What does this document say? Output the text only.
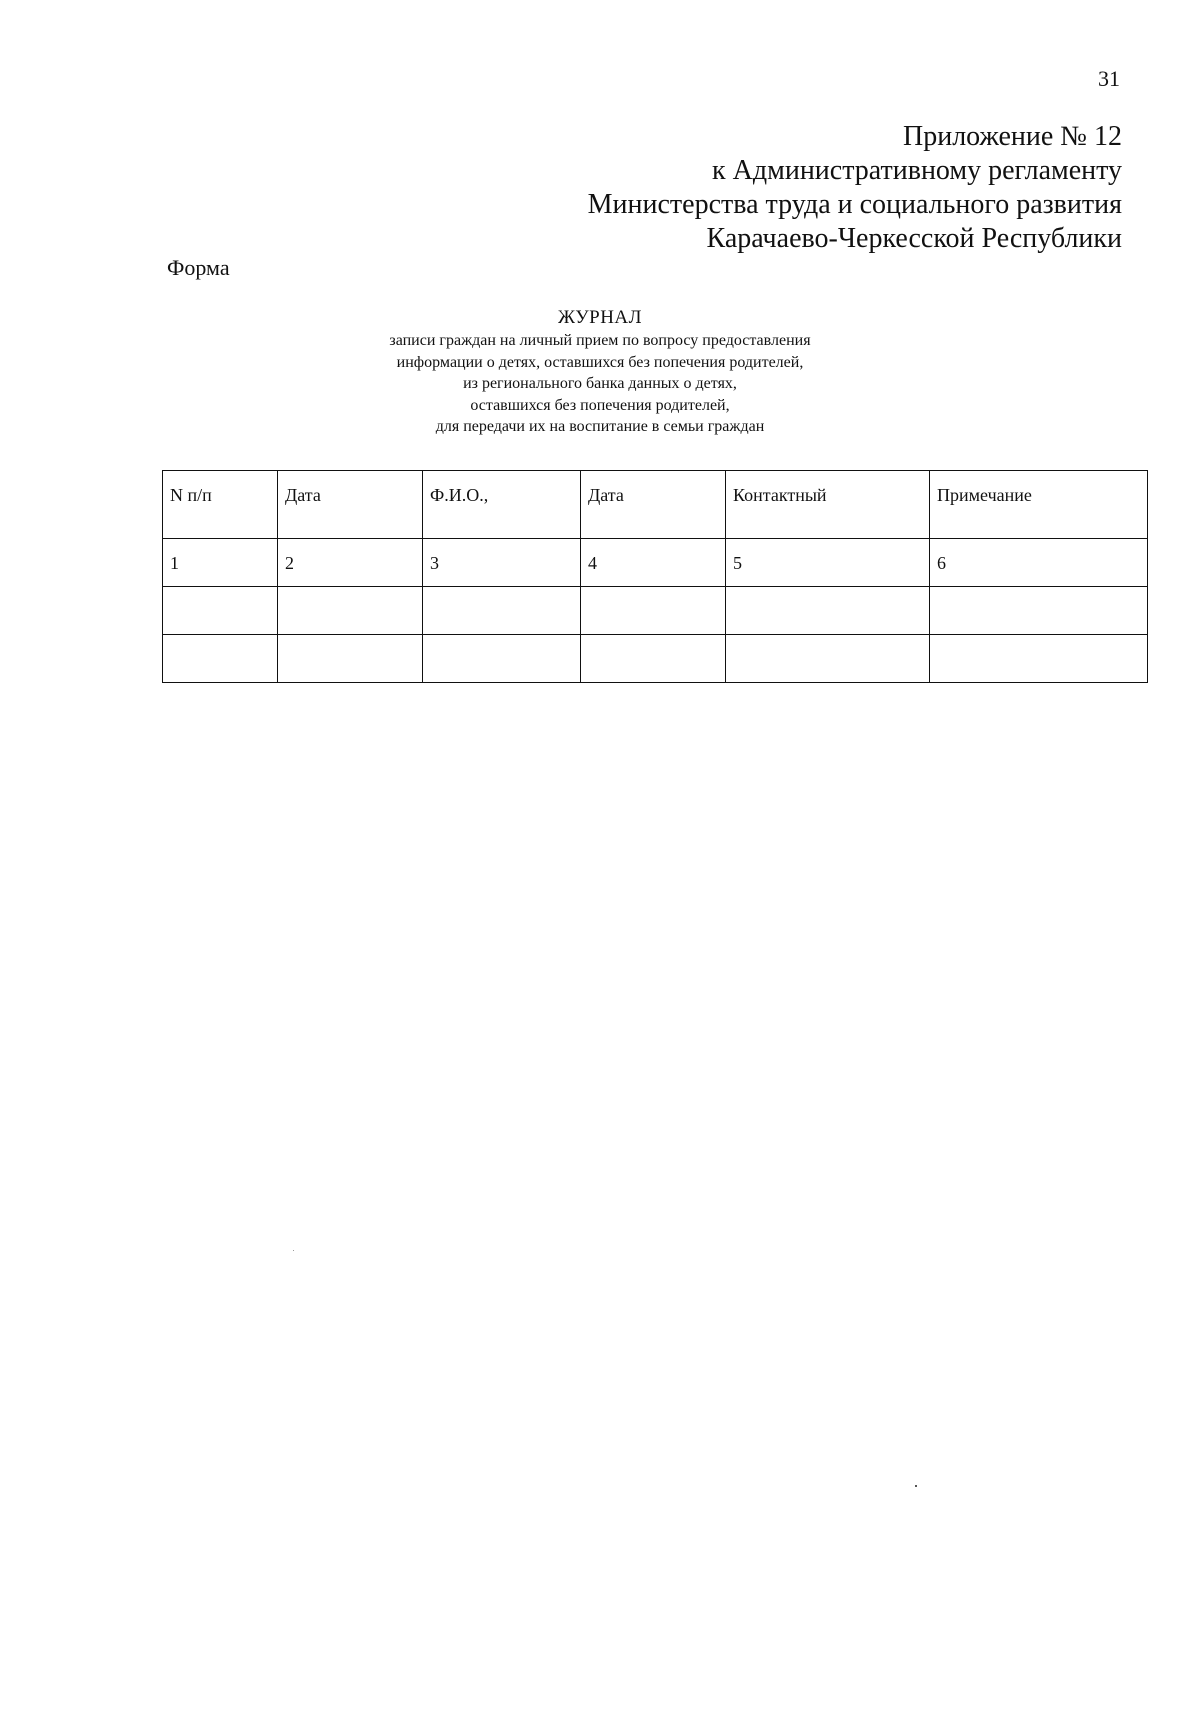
31
Приложение № 12
к Административному регламенту
Министерства труда и социального развития
Карачаево-Черкесской Республики
Форма
ЖУРНАЛ
записи граждан на личный прием по вопросу предоставления
информации о детях, оставшихся без попечения родителей,
из регионального банка данных о детях,
оставшихся без попечения родителей,
для передачи их на воспитание в семьи граждан
N п/п	Дата	Ф.И.О.,	Дата	Контактный	Примечание
1	2	3	4	5	6
